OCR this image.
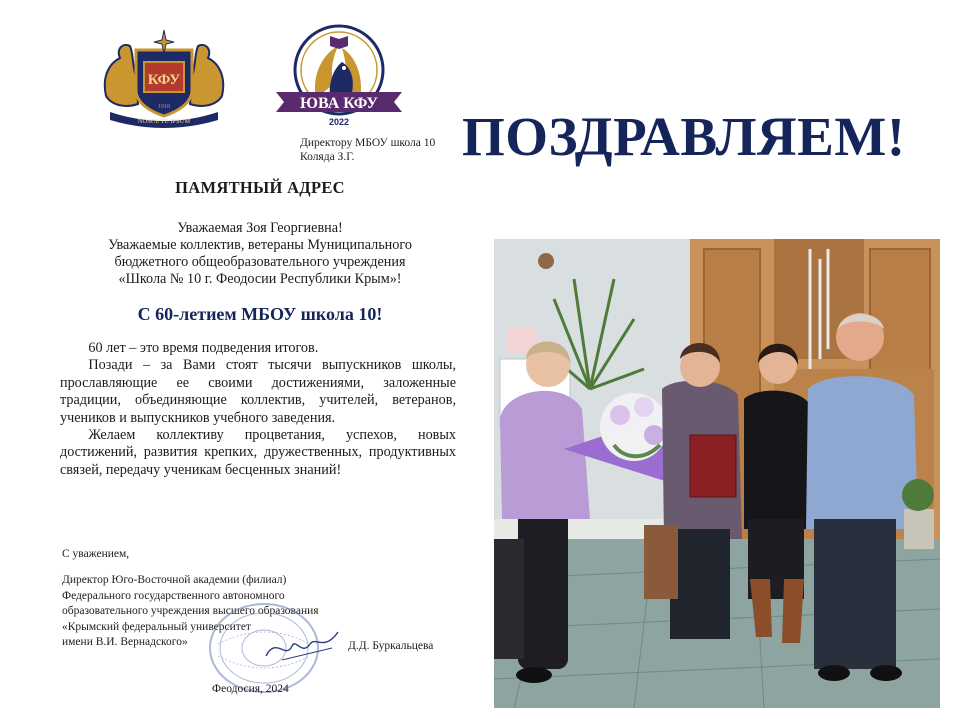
КФУ
1918
NOSCE TE IPSUM
ЮВА КФУ
2022
Директору МБОУ школа 10
Коляда З.Г.	ПОЗДРАВЛЯЕМ!
ПАМЯТНЫЙ АДРЕС
Уважаемая Зоя Георгиевна!
Уважаемые коллектив, ветераны Муниципального
бюджетного общеобразовательного учреждения
«Школа № 10 г. Феодосии Республики Крым»!
С 60-летием МБОУ школа 10!

  60 лет – это время подведения итогов.

  Позади – за Вами стоят тысячи выпускников школы, прославляющие ее своими достижениями, заложенные традиции, объединяющие коллектив, учителей, ветеранов, учеников и выпускников учебного заведения.

  Желаем коллективу процветания, успехов, новых достижений, развития крепких, дружественных, продуктивных связей, передачу ученикам бесценных знаний!

С уважением,
Директор Юго-Восточной академии (филиал)
Федерального государственного автономного
образовательного учреждения высшего образования
«Крымский федеральный университет
имени В.И. Вернадского»	Д.Д. Буркальцева
Феодосия, 2024
